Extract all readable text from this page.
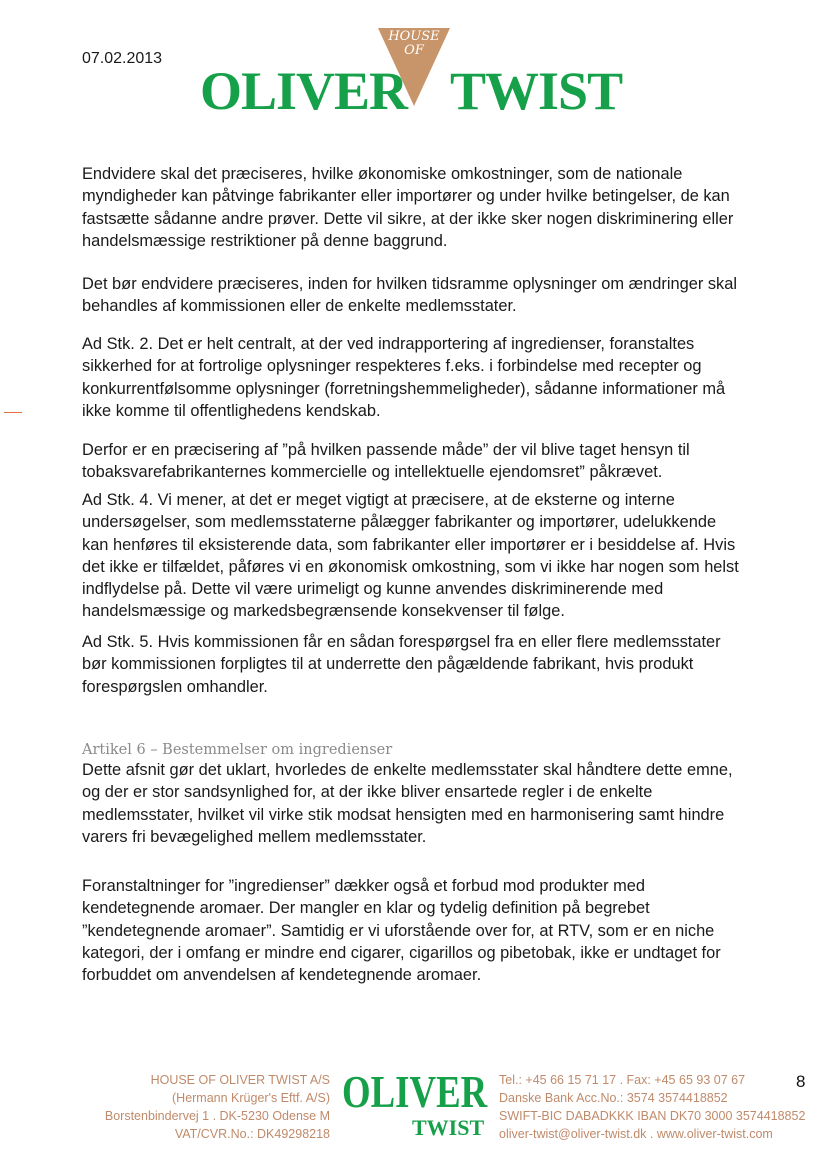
07.02.2013
HOUSE OF
OLIVER TWIST
Endvidere skal det præciseres, hvilke økonomiske omkostninger, som de nationale
myndigheder kan påtvinge fabrikanter eller importører og under hvilke betingelser, de kan
fastsætte sådanne andre prøver. Dette vil sikre, at der ikke sker nogen diskriminering eller
handelsmæssige restriktioner på denne baggrund.
Det bør endvidere præciseres, inden for hvilken tidsramme oplysninger om ændringer skal
behandles af kommissionen eller de enkelte medlemsstater.
Ad Stk. 2. Det er helt centralt, at der ved indrapportering af ingredienser, foranstaltes
sikkerhed for at fortrolige oplysninger respekteres f.eks. i forbindelse med recepter og
konkurrentfølsomme oplysninger (forretningshemmeligheder), sådanne informationer må
ikke komme til offentlighedens kendskab.
Derfor er en præcisering af ”på hvilken passende måde” der vil blive taget hensyn til
tobaksvarefabrikanternes kommercielle og intellektuelle ejendomsret” påkrævet.
Ad Stk. 4. Vi mener, at det er meget vigtigt at præcisere, at de eksterne og interne
undersøgelser, som medlemsstaterne pålægger fabrikanter og importører, udelukkende
kan henføres til eksisterende data, som fabrikanter eller importører er i besiddelse af. Hvis
det ikke er tilfældet, påføres vi en økonomisk omkostning, som vi ikke har nogen som helst
indflydelse på. Dette vil være urimeligt og kunne anvendes diskriminerende med
handelsmæssige og markedsbegrænsende konsekvenser til følge.
Ad Stk. 5. Hvis kommissionen får en sådan forespørgsel fra en eller flere medlemsstater
bør kommissionen forpligtes til at underrette den pågældende fabrikant, hvis produkt
forespørgslen omhandler.
Artikel 6 – Bestemmelser om ingredienser
Dette afsnit gør det uklart, hvorledes de enkelte medlemsstater skal håndtere dette emne,
og der er stor sandsynlighed for, at der ikke bliver ensartede regler i de enkelte
medlemsstater, hvilket vil virke stik modsat hensigten med en harmonisering samt hindre
varers fri bevægelighed mellem medlemsstater.
Foranstaltninger for ”ingredienser” dækker også et forbud mod produkter med
kendetegnende aromaer. Der mangler en klar og tydelig definition på begrebet
”kendetegnende aromaer”. Samtidig er vi uforstående over for, at RTV, som er en niche
kategori, der i omfang er mindre end cigarer, cigarillos og pibetobak, ikke er undtaget for
forbuddet om anvendelsen af kendetegnende aromaer.
HOUSE OF OLIVER TWIST A/S
(Hermann Krüger's Eftf. A/S)
Borstenbindervej 1 . DK-5230 Odense M
VAT/CVR.No.: DK49298218
OLIVER
TWIST
Tel.: +45 66 15 71 17 . Fax: +45 65 93 07 67
Danske Bank Acc.No.: 3574 3574418852
SWIFT-BIC DABADKKK IBAN DK70 3000 3574418852
oliver-twist@oliver-twist.dk . www.oliver-twist.com
8
